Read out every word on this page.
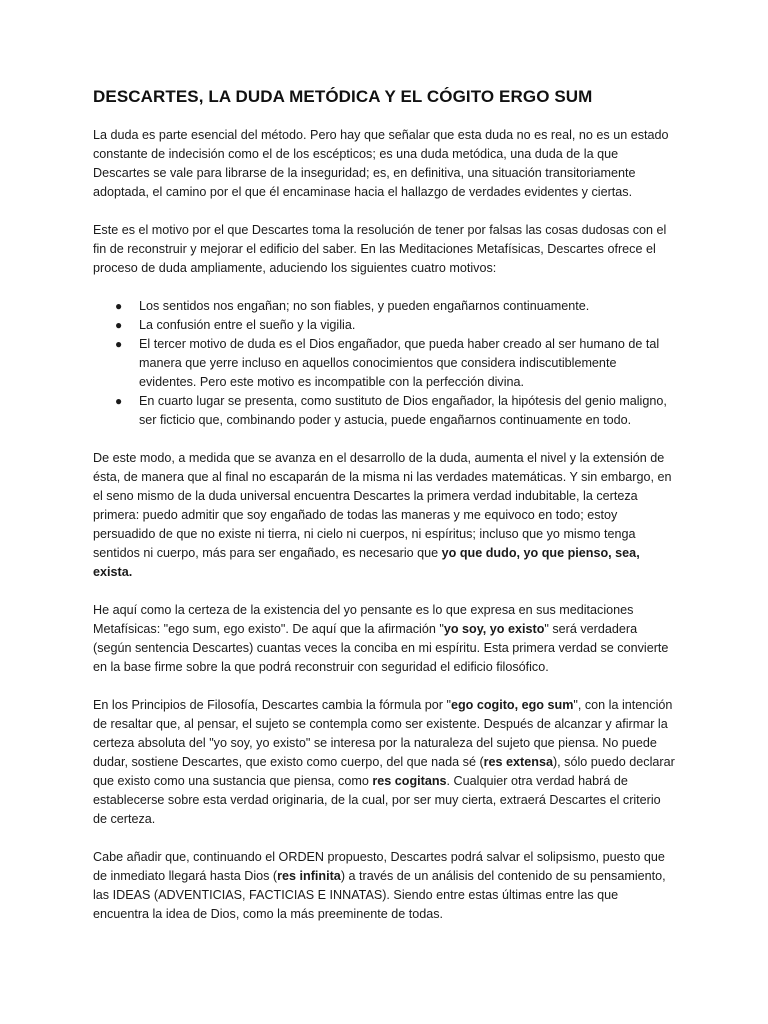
DESCARTES, LA DUDA METÓDICA Y EL CÓGITO ERGO SUM

La duda es parte esencial del método. Pero hay que señalar que esta duda no es real, no es un estado constante de indecisión como el de los escépticos; es una duda metódica, una duda de la que Descartes se vale para librarse de la inseguridad; es, en definitiva, una situación transitoriamente adoptada, el camino por el que él encaminase hacia el hallazgo de verdades evidentes y ciertas.

Este es el motivo por el que Descartes toma la resolución de tener por falsas las cosas dudosas con el fin de reconstruir y mejorar el edificio del saber. En las Meditaciones Metafísicas, Descartes ofrece el proceso de duda ampliamente, aduciendo los siguientes cuatro motivos:

● Los sentidos nos engañan; no son fiables, y pueden engañarnos continuamente.
● La confusión entre el sueño y la vigilia.
● El tercer motivo de duda es el Dios engañador, que pueda haber creado al ser humano de tal manera que yerre incluso en aquellos conocimientos que considera indiscutiblemente evidentes. Pero este motivo es incompatible con la perfección divina.
● En cuarto lugar se presenta, como sustituto de Dios engañador, la hipótesis del genio maligno, ser ficticio que, combinando poder y astucia, puede engañarnos continuamente en todo.

De este modo, a medida que se avanza en el desarrollo de la duda, aumenta el nivel y la extensión de ésta, de manera que al final no escaparán de la misma ni las verdades matemáticas. Y sin embargo, en el seno mismo de la duda universal encuentra Descartes la primera verdad indubitable, la certeza primera: puedo admitir que soy engañado de todas las maneras y me equivoco en todo; estoy persuadido de que no existe ni tierra, ni cielo ni cuerpos, ni espíritus; incluso que yo mismo tenga sentidos ni cuerpo, más para ser engañado, es necesario que yo que dudo, yo que pienso, sea, exista.

He aquí como la certeza de la existencia del yo pensante es lo que expresa en sus meditaciones Metafísicas: "ego sum, ego existo". De aquí que la afirmación "yo soy, yo existo" será verdadera (según sentencia Descartes) cuantas veces la conciba en mi espíritu. Esta primera verdad se convierte en la base firme sobre la que podrá reconstruir con seguridad el edificio filosófico.

En los Principios de Filosofía, Descartes cambia la fórmula por "ego cogito, ego sum", con la intención de resaltar que, al pensar, el sujeto se contempla como ser existente. Después de alcanzar y afirmar la certeza absoluta del "yo soy, yo existo" se interesa por la naturaleza del sujeto que piensa. No puede dudar, sostiene Descartes, que existo como cuerpo, del que nada sé (res extensa), sólo puedo declarar que existo como una sustancia que piensa, como res cogitans. Cualquier otra verdad habrá de establecerse sobre esta verdad originaria, de la cual, por ser muy cierta, extraerá Descartes el criterio de certeza.

Cabe añadir que, continuando el ORDEN propuesto, Descartes podrá salvar el solipsismo, puesto que de inmediato llegará hasta Dios (res infinita) a través de un análisis del contenido de su pensamiento, las IDEAS (ADVENTICIAS, FACTICIAS E INNATAS). Siendo entre estas últimas entre las que encuentra la idea de Dios, como la más preeminente de todas.
